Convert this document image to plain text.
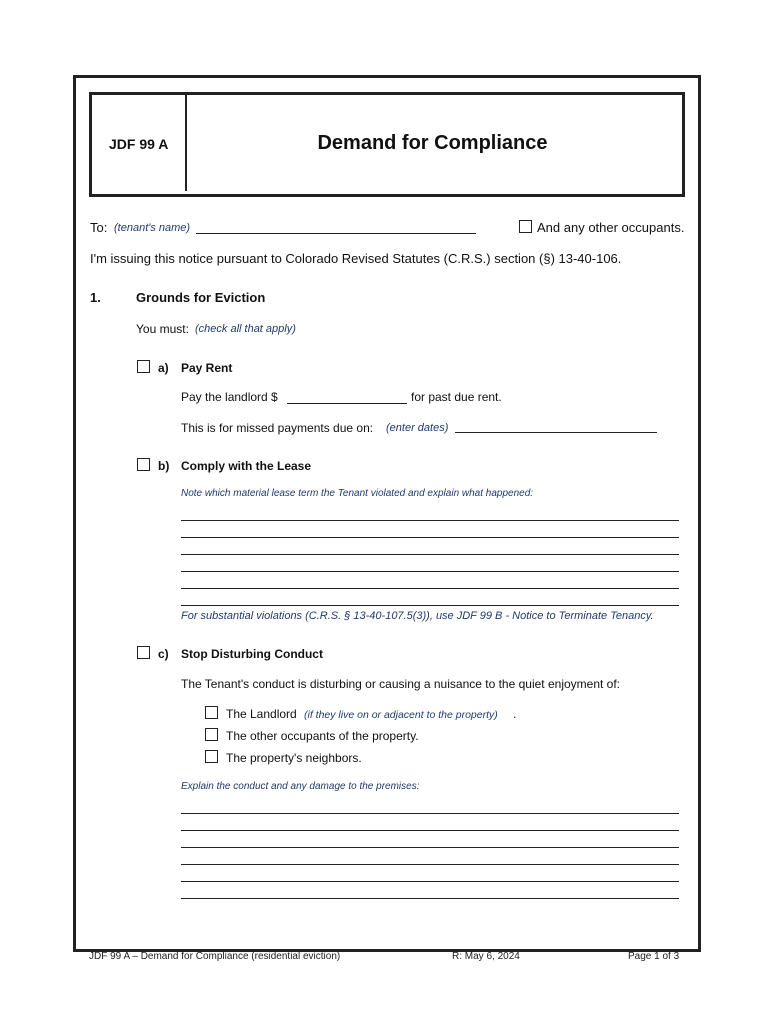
JDF 99 A	Demand for Compliance
To: (tenant's name)	And any other occupants.
I'm issuing this notice pursuant to Colorado Revised Statutes (C.R.S.) section (§) 13-40-106.
1.	Grounds for Eviction
You must: (check all that apply)
a) Pay Rent
Pay the landlord $	for past due rent.
This is for missed payments due on: (enter dates)
b) Comply with the Lease
Note which material lease term the Tenant violated and explain what happened:
For substantial violations (C.R.S. § 13-40-107.5(3)), use JDF 99 B - Notice to Terminate Tenancy.
c) Stop Disturbing Conduct
The Tenant's conduct is disturbing or causing a nuisance to the quiet enjoyment of:
The Landlord (if they live on or adjacent to the property) .
The other occupants of the property.
The property's neighbors.
Explain the conduct and any damage to the premises:
JDF 99 A – Demand for Compliance (residential eviction)	R: May 6, 2024	Page 1 of 3
